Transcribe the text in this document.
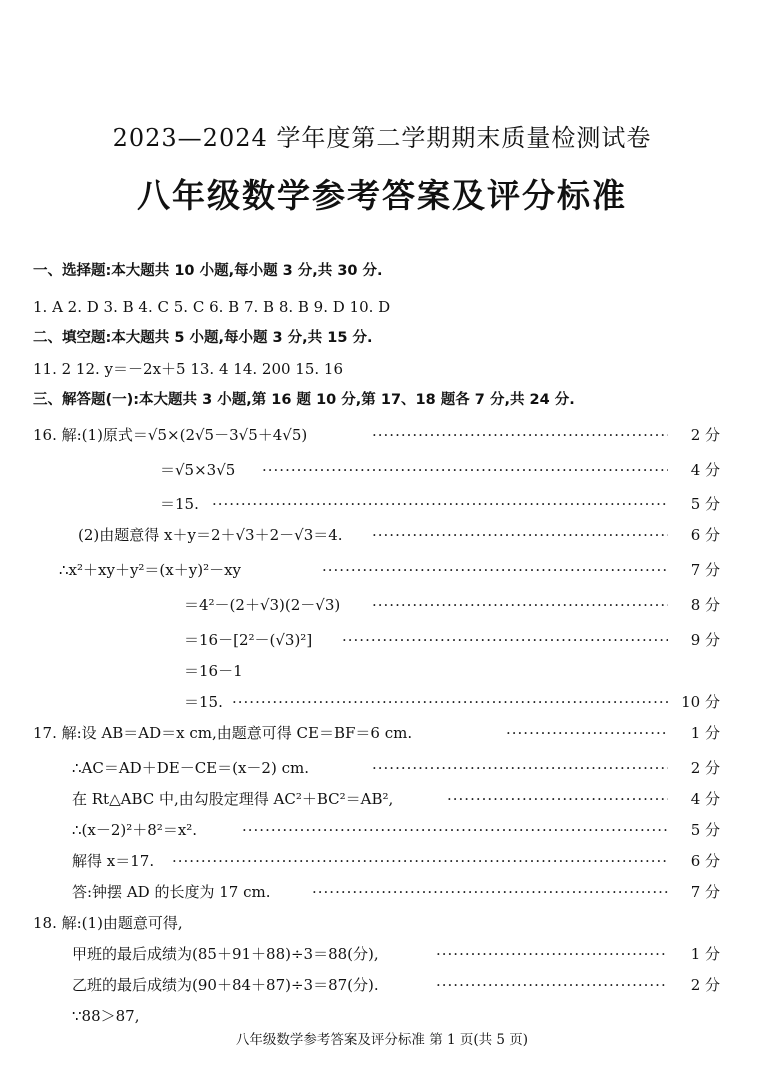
2023—2024 学年度第二学期期末质量检测试卷
八年级数学参考答案及评分标准
一、选择题:本大题共 10 小题,每小题 3 分,共 30 分.
1. A 2. D 3. B 4. C 5. C 6. B 7. B 8. B 9. D 10. D
二、填空题:本大题共 5 小题,每小题 3 分,共 15 分.
11. 2 12. y＝－2x＋5 13. 4 14. 200 15. 16
三、解答题(一):本大题共 3 小题,第 16 题 10 分,第 17、18 题各 7 分,共 24 分.
16. 解:(1)原式＝√5×(2√5－3√5＋4√5) ·····	2 分
＝√5×3√5 ·····	4 分
＝15. ·····	5 分
(2)由题意得 x＋y＝2＋√3＋2－√3＝4. ·····	6 分
∴x²＋xy＋y²＝(x＋y)²－xy ·····	7 分
＝4²－(2＋√3)(2－√3) ·····	8 分
＝16－[2²－(√3)²] ·····	9 分
＝16－1
＝15. ·····	10 分
17. 解:设 AB＝AD＝x cm,由题意可得 CE＝BF＝6 cm. ·····	1 分
∴AC＝AD＋DE－CE＝(x－2) cm. ·····	2 分
在 Rt△ABC 中,由勾股定理得 AC²＋BC²＝AB², ·····	4 分
∴(x－2)²＋8²＝x². ·····	5 分
解得 x＝17. ·····	6 分
答:钟摆 AD 的长度为 17 cm. ·····	7 分
18. 解:(1)由题意可得,
甲班的最后成绩为(85＋91＋88)÷3＝88(分), ·····	1 分
乙班的最后成绩为(90＋84＋87)÷3＝87(分). ·····	2 分
∵88＞87,
八年级数学参考答案及评分标准 第 1 页(共 5 页)
